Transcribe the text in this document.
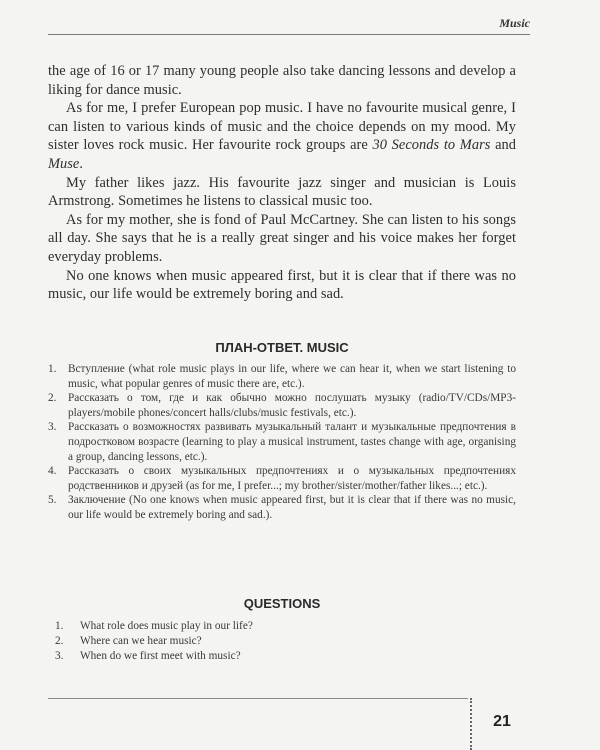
Music

the age of 16 or 17 many young people also take dancing lessons and develop a liking for dance music.

As for me, I prefer European pop music. I have no favourite musical genre, I can listen to various kinds of music and the choice depends on my mood. My sister loves rock music. Her favourite rock groups are 30 Seconds to Mars and Muse.

My father likes jazz. His favourite jazz singer and musician is Louis Armstrong. Sometimes he listens to classical music too.

As for my mother, she is fond of Paul McCartney. She can listen to his songs all day. She says that he is a really great singer and his voice makes her forget everyday problems.

No one knows when music appeared first, but it is clear that if there was no music, our life would be extremely boring and sad.

ПЛАН-ОТВЕТ. MUSIC
1. Вступление (what role music plays in our life, where we can hear it, when we start listening to music, what popular genres of music there are, etc.).
2. Рассказать о том, где и как обычно можно послушать музыку (radio/TV/CDs/MP3-players/mobile phones/concert halls/clubs/music festivals, etc.).
3. Рассказать о возможностях развивать музыкальный талант и музыкальные предпочтения в подростковом возрасте (learning to play a musical instrument, tastes change with age, organising a group, dancing lessons, etc.).
4. Рассказать о своих музыкальных предпочтениях и о музыкальных предпочтениях родственников и друзей (as for me, I prefer...; my brother/sister/mother/father likes...; etc.).
5. Заключение (No one knows when music appeared first, but it is clear that if there was no music, our life would be extremely boring and sad.).
QUESTIONS
1. What role does music play in our life?
2. Where can we hear music?
3. When do we first meet with music?
21
